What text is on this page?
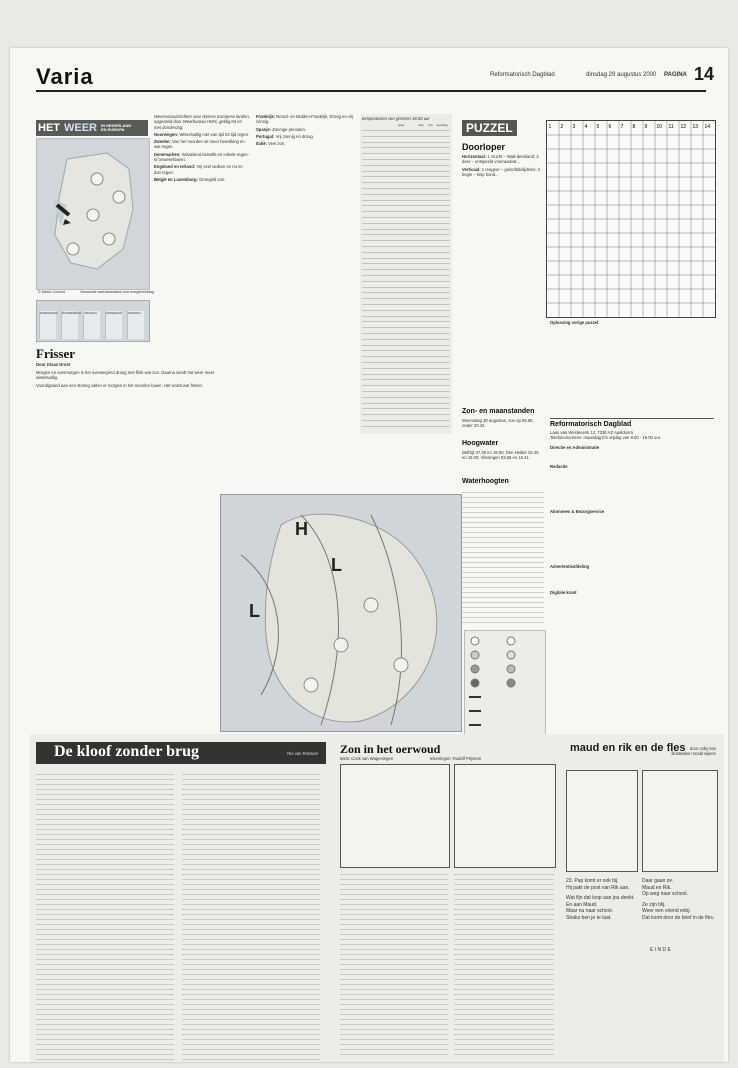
Varia	Reformatorisch Dagblad	dinsdag 29 augustus 2000 PAGINA 14
HET WEER	IN NEDERLAND EN EUROPA
© Meteo Consult	Verwachte weerstoestand voor morgenmiddag
WOENSDAG DONDERDAG VRIJDAG	ZATERDAG ZONDAG
Frisser
Door Klaas Drost

Morgen en overmorgen is het overwegend droog met flink wat zon. Daarna wordt het weer meer wisselvallig.

Voorafgaand aan een storing vallen er morgen in het noorden buien. Het wordt wat frisser.

Weersvooruitzichten voor diverse Europese landen, opgesteld door Weerbureau HWS, geldig tot en met donderdag:

Noorwegen: Wisselvallig met van tijd tot tijd regen.

Zweden: Van het noorden uit meer bewolking en wat regen.

Denemarken: Wisselend bewolkt en enkele regen- of onweersbuien.

Engeland en Ierland: Vrij veel wolken en nu en dan regen.

België en Luxemburg: Geregeld zon.

Frankrijk: Noord- en Midden-Frankrijk: Droog en vrij zonnig.

Spanje: Zonnige perioden.

Portugal: Vrij zonnig en droog.

Italië: Veel zon.

temperaturen van gisteren 18.00 uur
weer	max min neerslag	PUZZEL
Doorloper

Horizontaal: 1 vrucht – Wad-dereiland; 2 deer – ontspeeld voorraadvat...

Verticaal: 1 reageer – geloofsbelijdenis; 2 begin – knip hond...

1 2 3 4 5 6 7 8 9 10 11 12 13 14

Oplossing vorige puzzel:

Zon- en maanstanden
Woensdag 30 augustus, zon op 06.58, onder 20.42.
Hoogwater
Delfzijl 07.36 en 19.50; Den Helder 02.45 en 15.00; Vlissingen 03.59 en 16.41.
Waterhoogten
H
L
L
Reformatorisch Dagblad
Laan van Westenenk 12, 7336 AZ Apeldoorn
Telefoonnummer: maandag t/m vrijdag van 8.00 - 16.00 uur.
Directie en Administratie
Redactie
Abonnees & Bezorgservice
Advertentieafdeling
Digitale krant
De kloof zonder brug	Rie van Rossum Zon in het oerwoud
tekst: Cock van Wageningen	tekeningen: Rudolf Prijsens
maud en rik en de fles	door coby kos
illustraties ronald wijnen
23. Pap komt er ook bij.
Hij pakt de post van Rik aan.
Wat fijn dat loop aan jou denkt.
En aan Maud.
Maar nu naar school.
Straks ben je te laat.
Daar gaan ze.
Maud en Rik.
Op weg naar school.
Ze zijn blij.
Weer een vriend erbij.
Dat komt door de brief in de fles.
E I N D E
